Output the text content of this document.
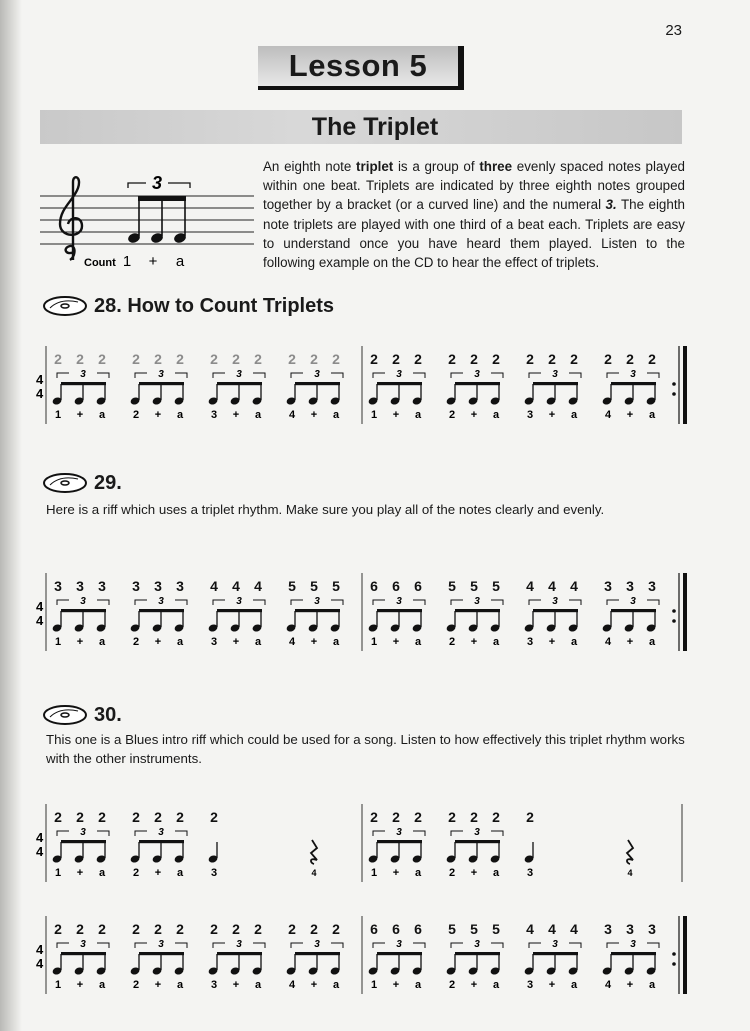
23
Lesson 5
The Triplet
3
Count 1 + a
An eighth note triplet is a group of three evenly spaced notes played within one beat. Triplets are indicated by three eighth notes grouped together by a bracket (or a curved line) and the numeral 3. The eighth note triplets are played with one third of a beat each. Triplets are easy to understand once you have heard them played. Listen to the following example on the CD to hear the effect of triplets.
28. How to Count Triplets
4
4
2
1
2
+
2
a
2
2
2
+
2
a
2
3
2
+
2
a
2
4
2
+
2
a
3	3	3	3
2
1
2
+
2
a
2
2
2
+
2
a
2
3
2
+
2
a
2
4
2
+
2
a
3	3	3	3
29.
Here is a riff which uses a triplet rhythm. Make sure you play all of the notes clearly and evenly.
4
4
3
1
3
+
3
a
3
2
3
+
3
a
4
3
4
+
4
a
5
4
5
+
5
a
3	3	3	3
6
1
6
+
6
a
5
2
5
+
5
a
4
3
4
+
4
a
3
4
3
+
3
a
3	3	3	3
30.
This one is a Blues intro riff which could be used for a song. Listen to how effectively this triplet rhythm works with the other instruments.
4
4
2
1
2
+
2
a
2
2
2
+
2
a
2
3
3	3
4
2
1
2
+
2
a
2
2
2
+
2
a
2
3
3	3
4
4
4
2
1
2
+
2
a
2
2
2
+
2
a
2
3
2
+
2
a
2
4
2
+
2
a
3	3	3	3
6
1
6
+
6
a
5
2
5
+
5
a
4
3
4
+
4
a
3
4
3
+
3
a
3	3	3	3
